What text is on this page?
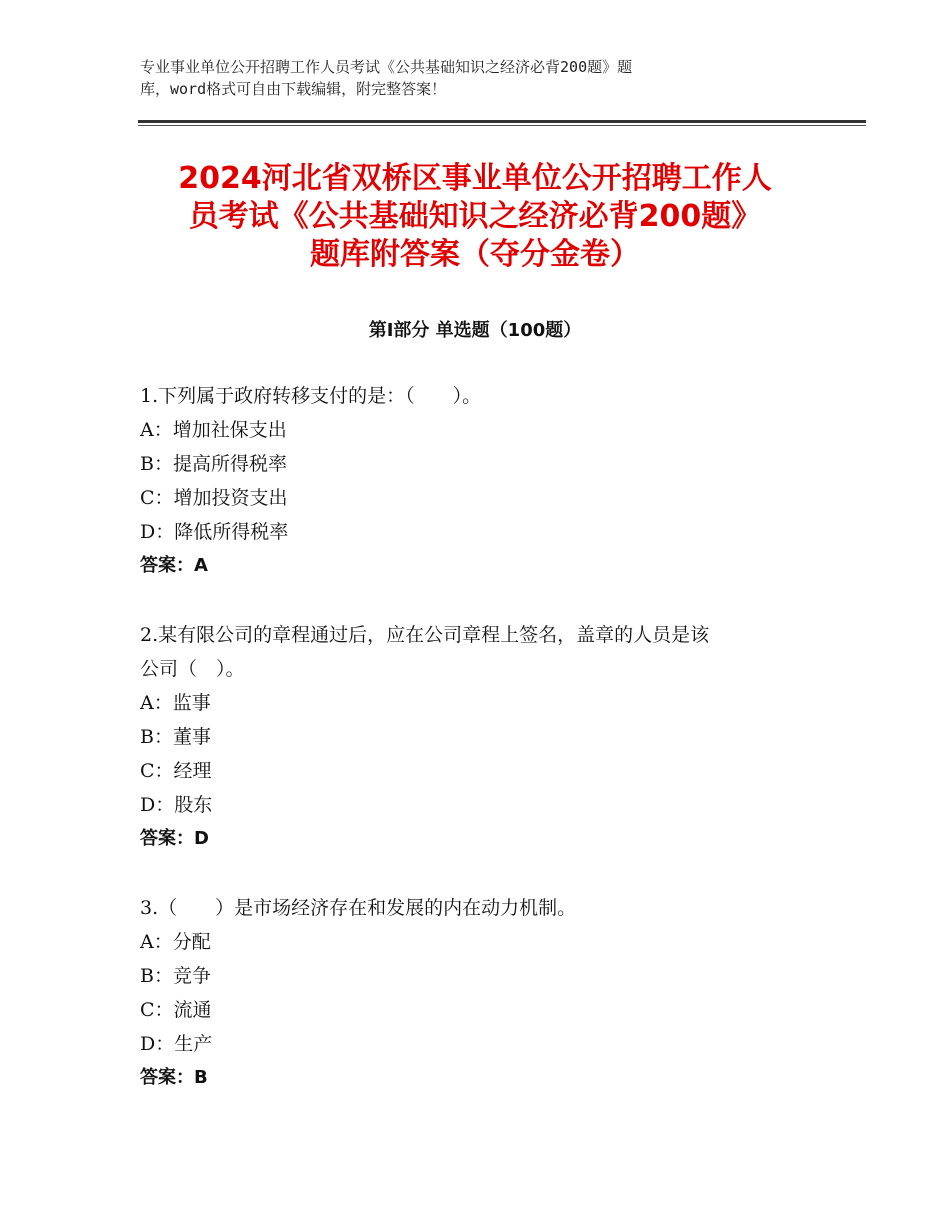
专业事业单位公开招聘工作人员考试《公共基础知识之经济必背200题》题
库，word格式可自由下载编辑，附完整答案！
2024河北省双桥区事业单位公开招聘工作人
员考试《公共基础知识之经济必背200题》
题库附答案（夺分金卷）
第Ⅰ部分 单选题（100题）

1.下列属于政府转移支付的是：（　　）。

A：增加社保支出

B：提高所得税率

C：增加投资支出

D：降低所得税率

答案：A

2.某有限公司的章程通过后，应在公司章程上签名，盖章的人员是该

公司（　）。

A：监事

B：董事

C：经理

D：股东

答案：D

3.（　　）是市场经济存在和发展的内在动力机制。

A：分配

B：竞争

C：流通

D：生产

答案：B
